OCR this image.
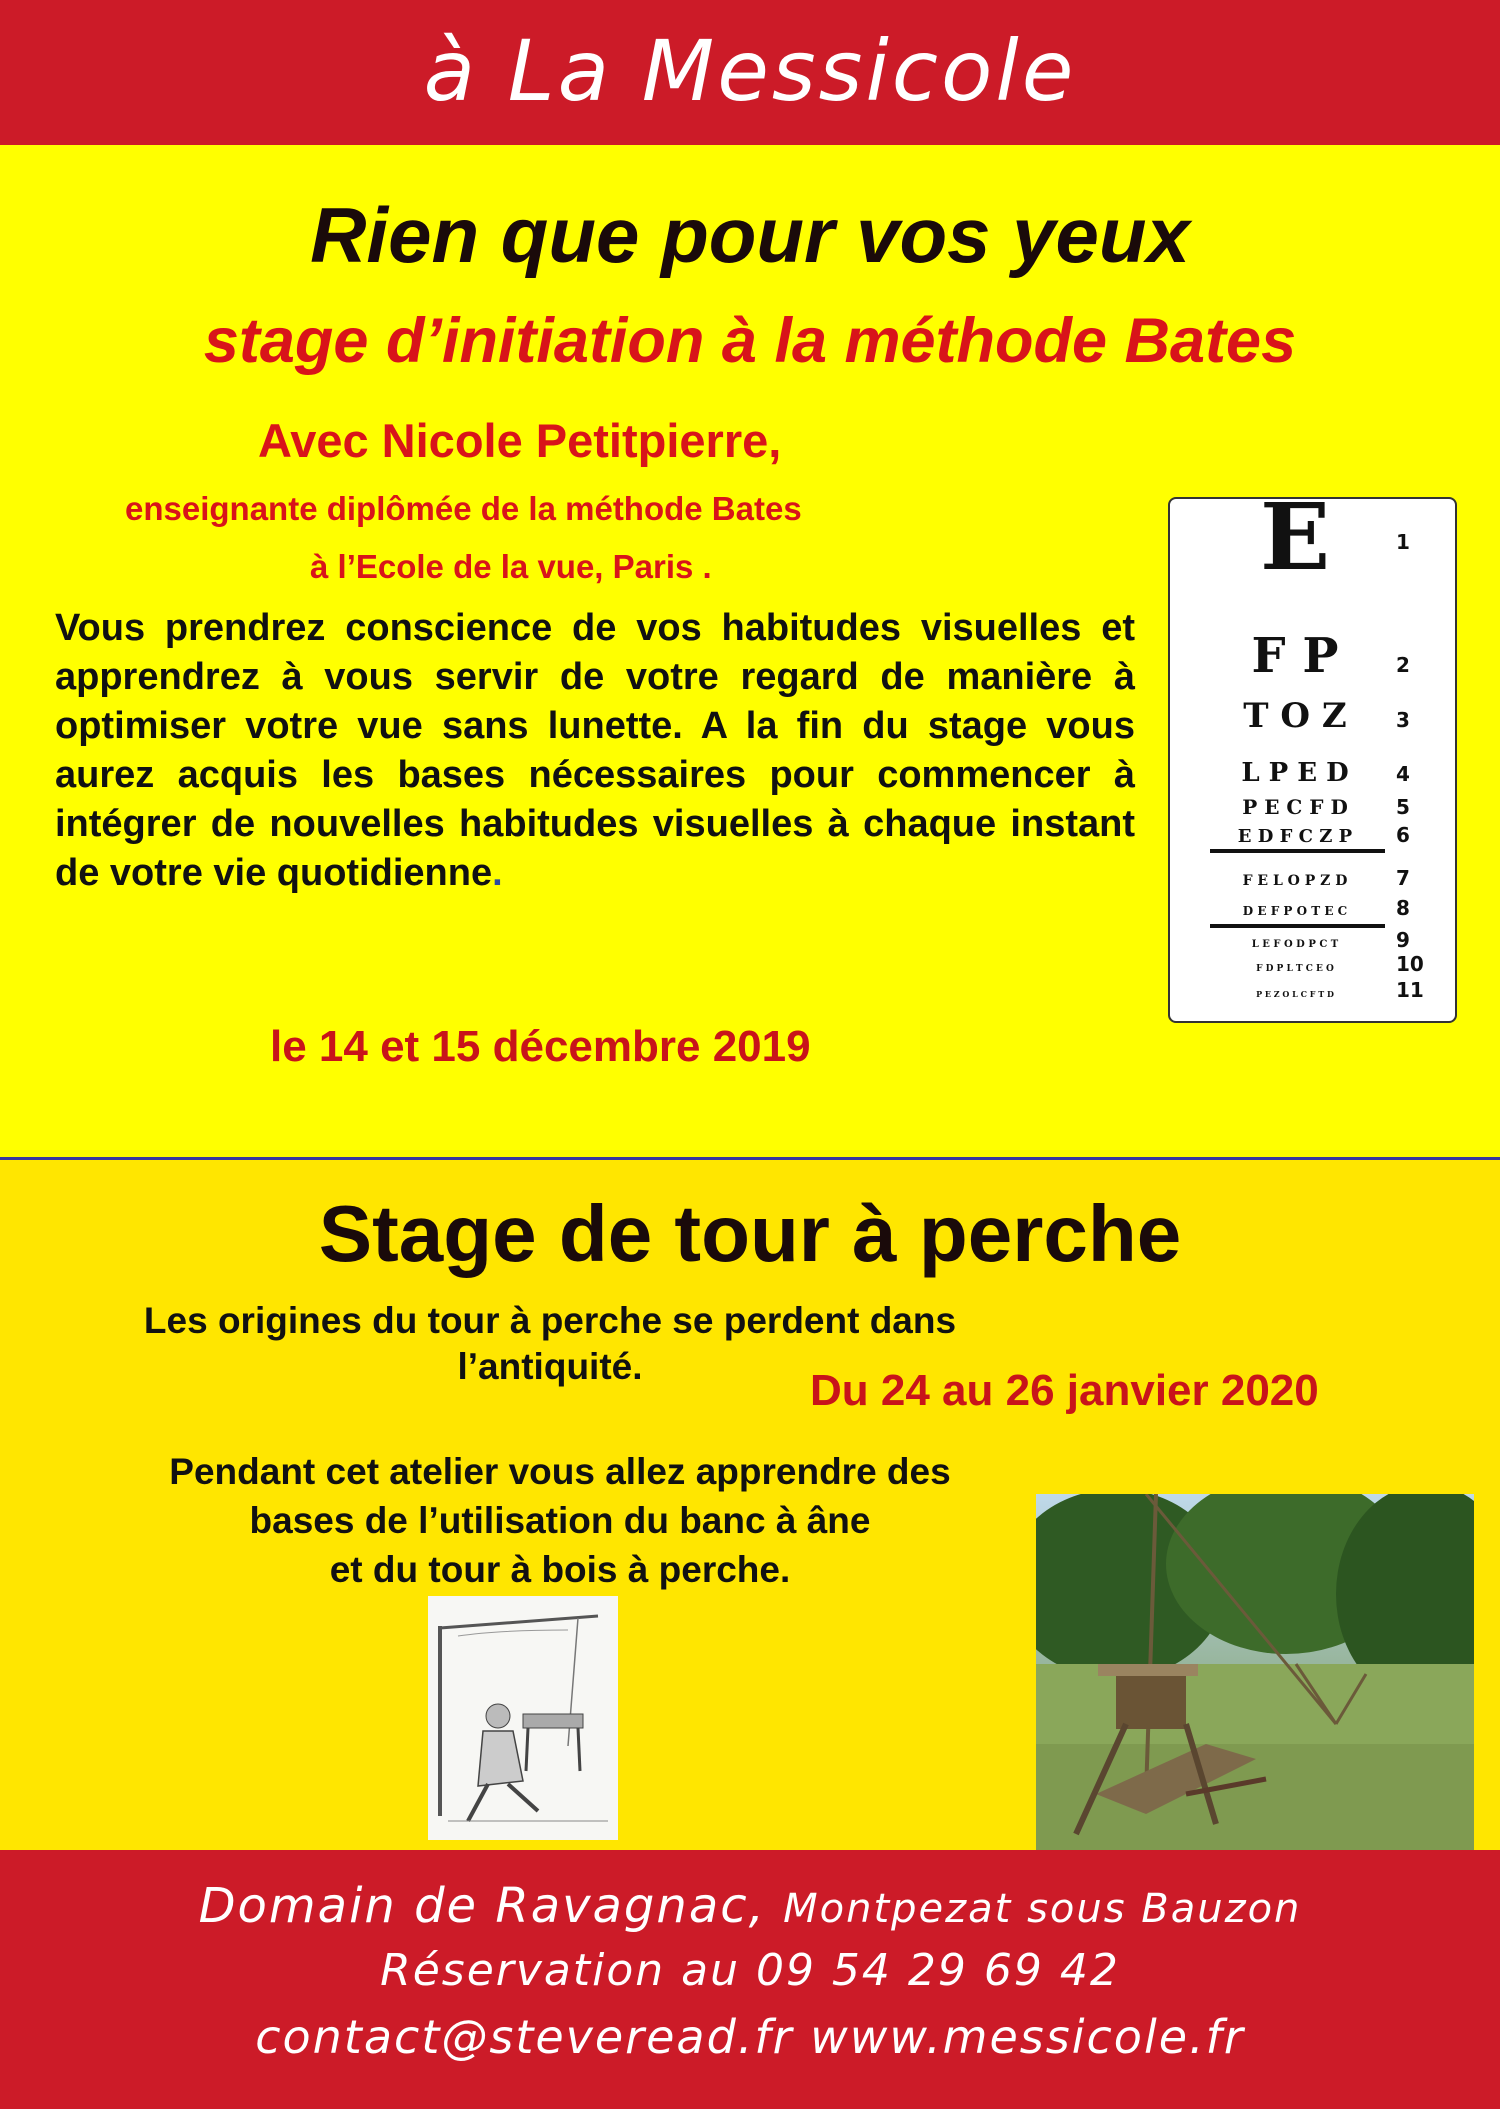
à La Messicole
Rien que pour vos yeux
stage d’initiation à la méthode Bates
Avec Nicole Petitpierre,
enseignante diplômée de la méthode Bates
à l’Ecole de la vue, Paris .
Vous prendrez conscience de vos habitudes visuelles et apprendrez à vous servir de votre regard de manière à optimiser votre vue sans lunette. A la fin du stage vous aurez acquis les bases nécessaires pour commencer à intégrer de nouvelles habitudes visuelles à chaque instant de votre vie quotidienne.
le 14 et 15 décembre 2019
E	1
F P	2
T O Z 3
L P E D 4
P E C F D 5
E D F C Z P 6
F E L O P Z D 7
D E F P O T E C 8
L E F O D P C T	9
F D P L T C E O	10
P E Z O L C F T D	11
Stage de tour à perche
Les origines du tour à perche se perdent dans
l’antiquité.	Du 24 au 26 janvier 2020
Pendant cet atelier vous allez apprendre des
bases de l’utilisation du banc à âne
et du tour à bois à perche.
Domain de Ravagnac, Montpezat sous Bauzon
Réservation au 09 54 29 69 42
contact@steveread.fr www.messicole.fr
